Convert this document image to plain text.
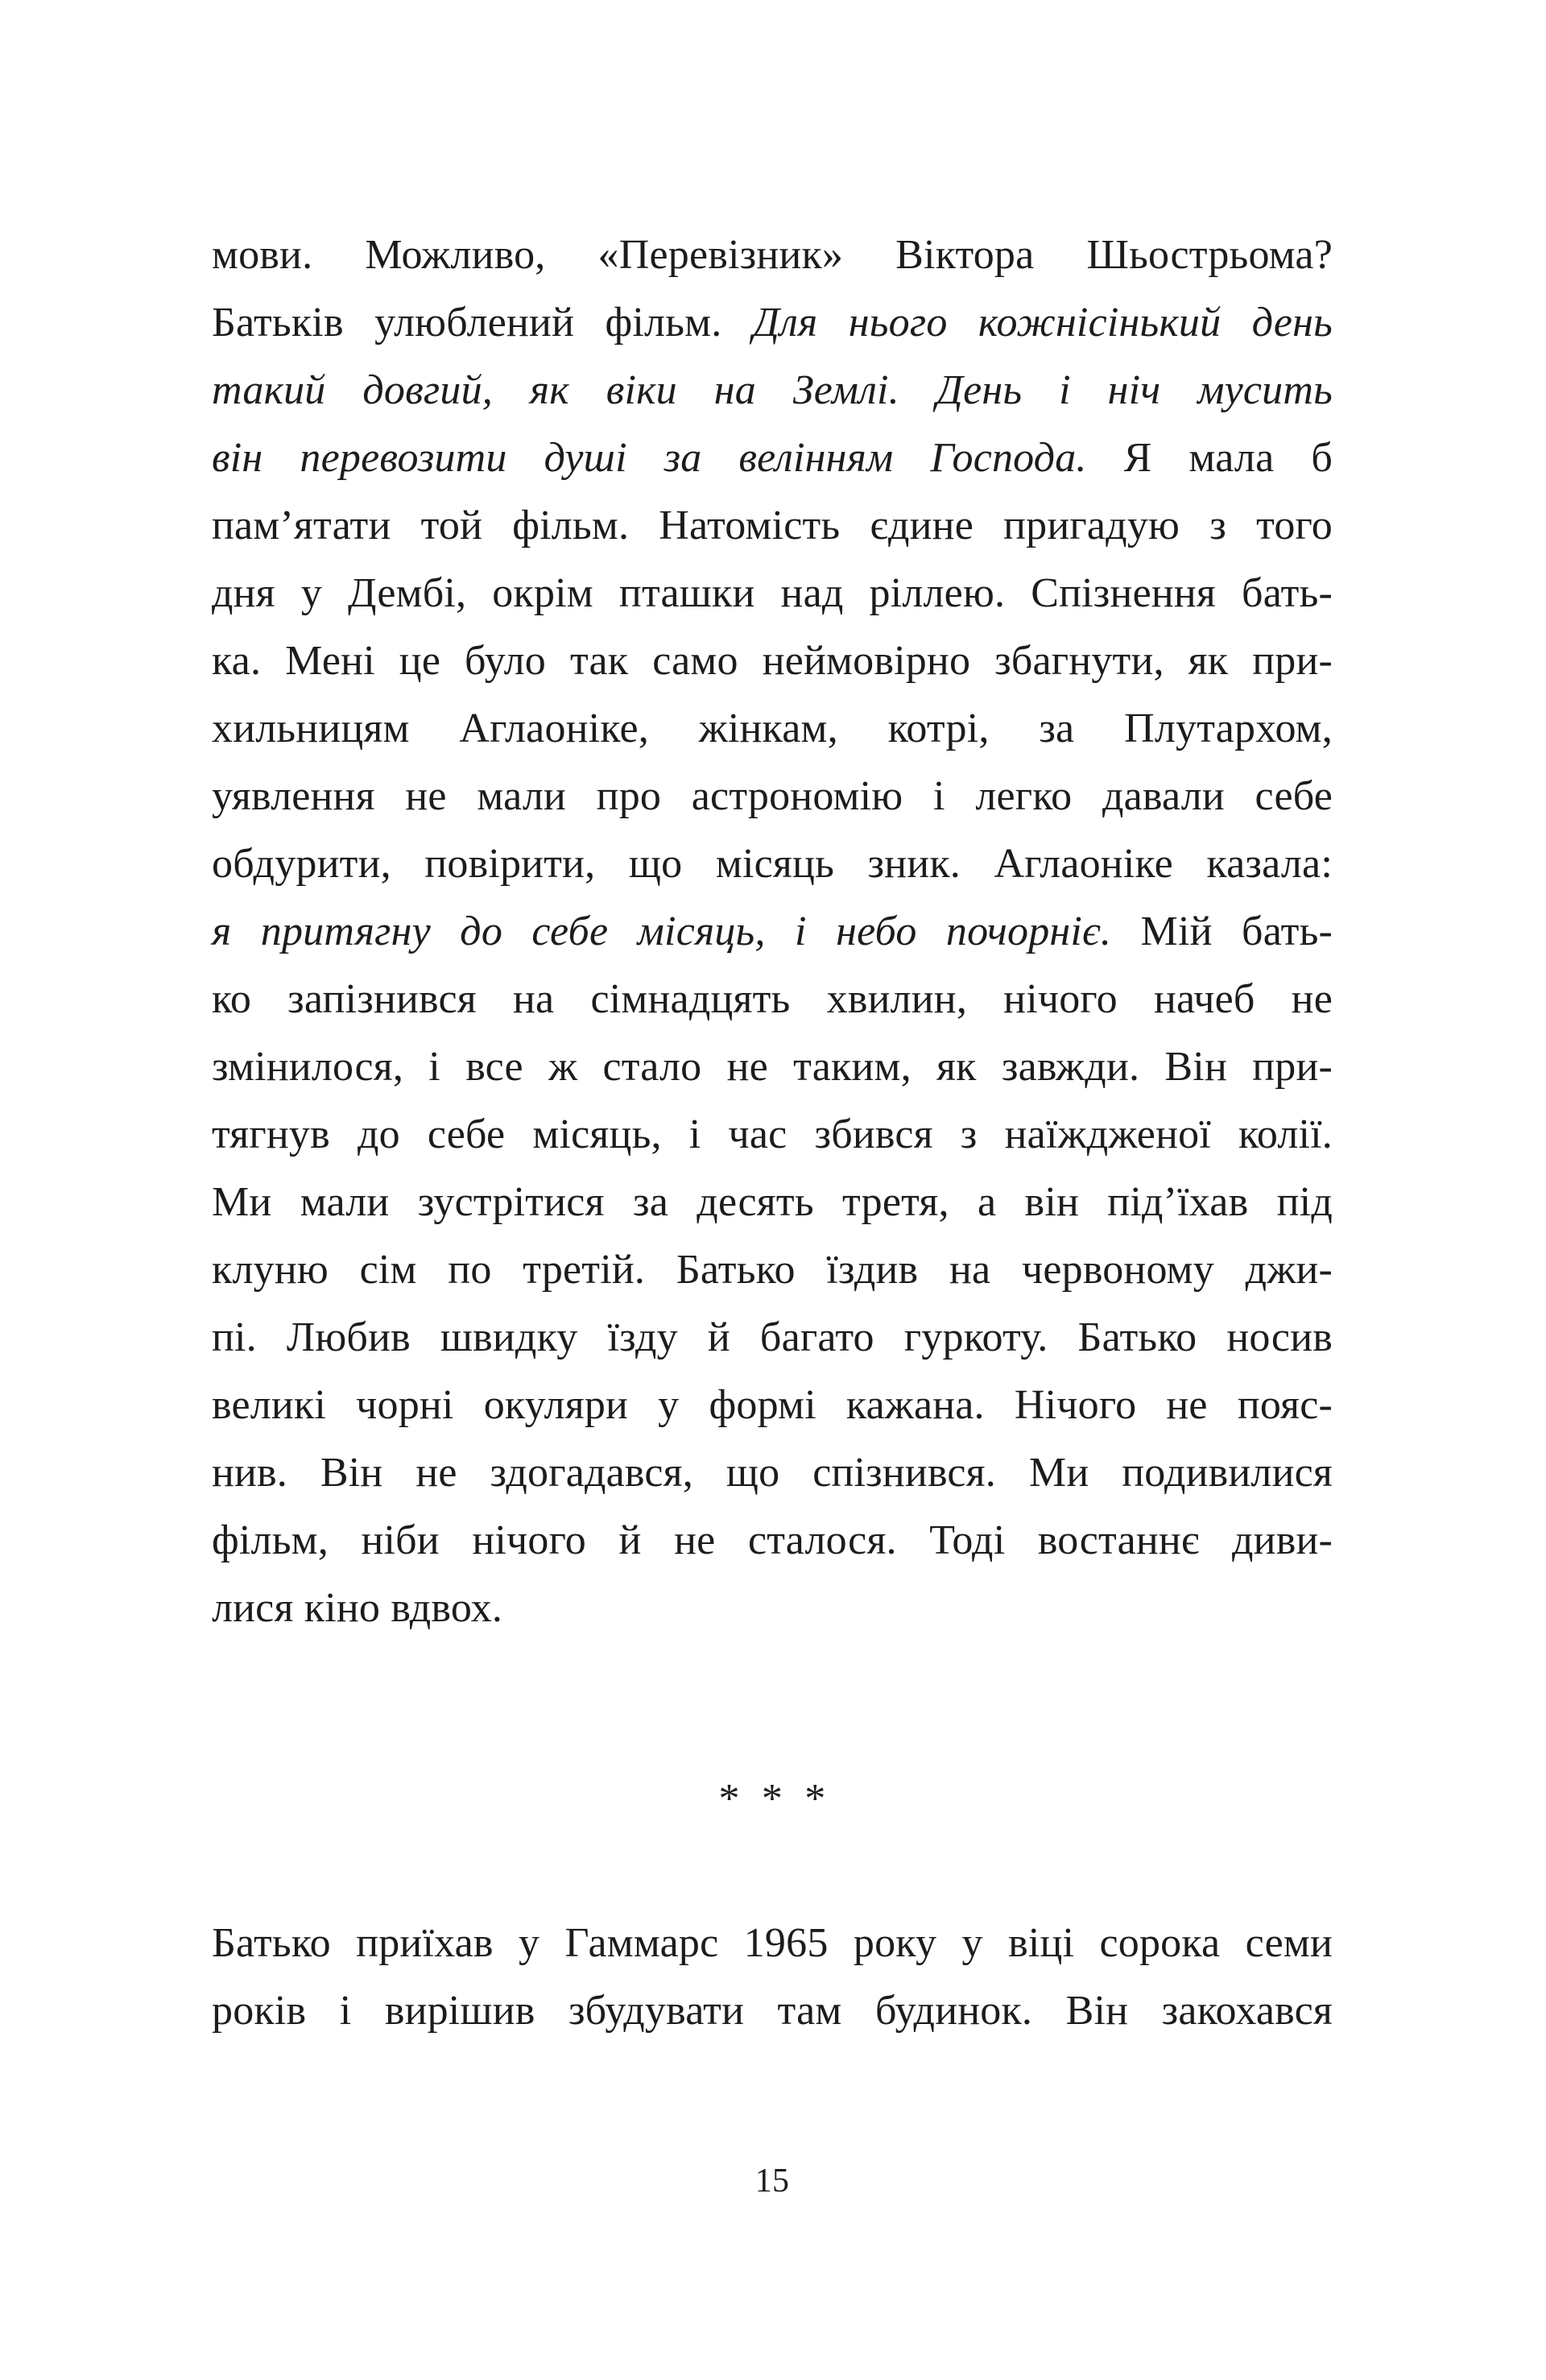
мови. Можливо, «Перевізник» Віктора Шьострьома?
Батьків улюблений фільм. Для нього кожнісінький день
такий довгий, як віки на Землі. День і ніч мусить
він перевозити душі за велінням Господа. Я мала б
пам’ятати той фільм. Натомість єдине пригадую з того
дня у Дембі, окрім пташки над ріллею. Спізнення бать-
ка. Мені це було так само неймовірно збагнути, як при-
хильницям Аглаоніке, жінкам, котрі, за Плутархом,
уявлення не мали про астрономію і легко давали себе
обдурити, повірити, що місяць зник. Аглаоніке казала:
я притягну до себе місяць, і небо почорніє. Мій бать-
ко запізнився на сімнадцять хвилин, нічого начеб не
змінилося, і все ж стало не таким, як завжди. Він при-
тягнув до себе місяць, і час збився з наїждженої колії.
Ми мали зустрітися за десять третя, а він під’їхав під
клуню сім по третій. Батько їздив на червоному джи-
пі. Любив швидку їзду й багато гуркоту. Батько носив
великі чорні окуляри у формі кажана. Нічого не пояс-
нив. Він не здогадався, що спізнився. Ми подивилися
фільм, ніби нічого й не сталося. Тоді востаннє диви-
лися кіно вдвох.
* * *
Батько приїхав у Гаммарс 1965 року у віці сорока семи
років і вирішив збудувати там будинок. Він закохався
15
